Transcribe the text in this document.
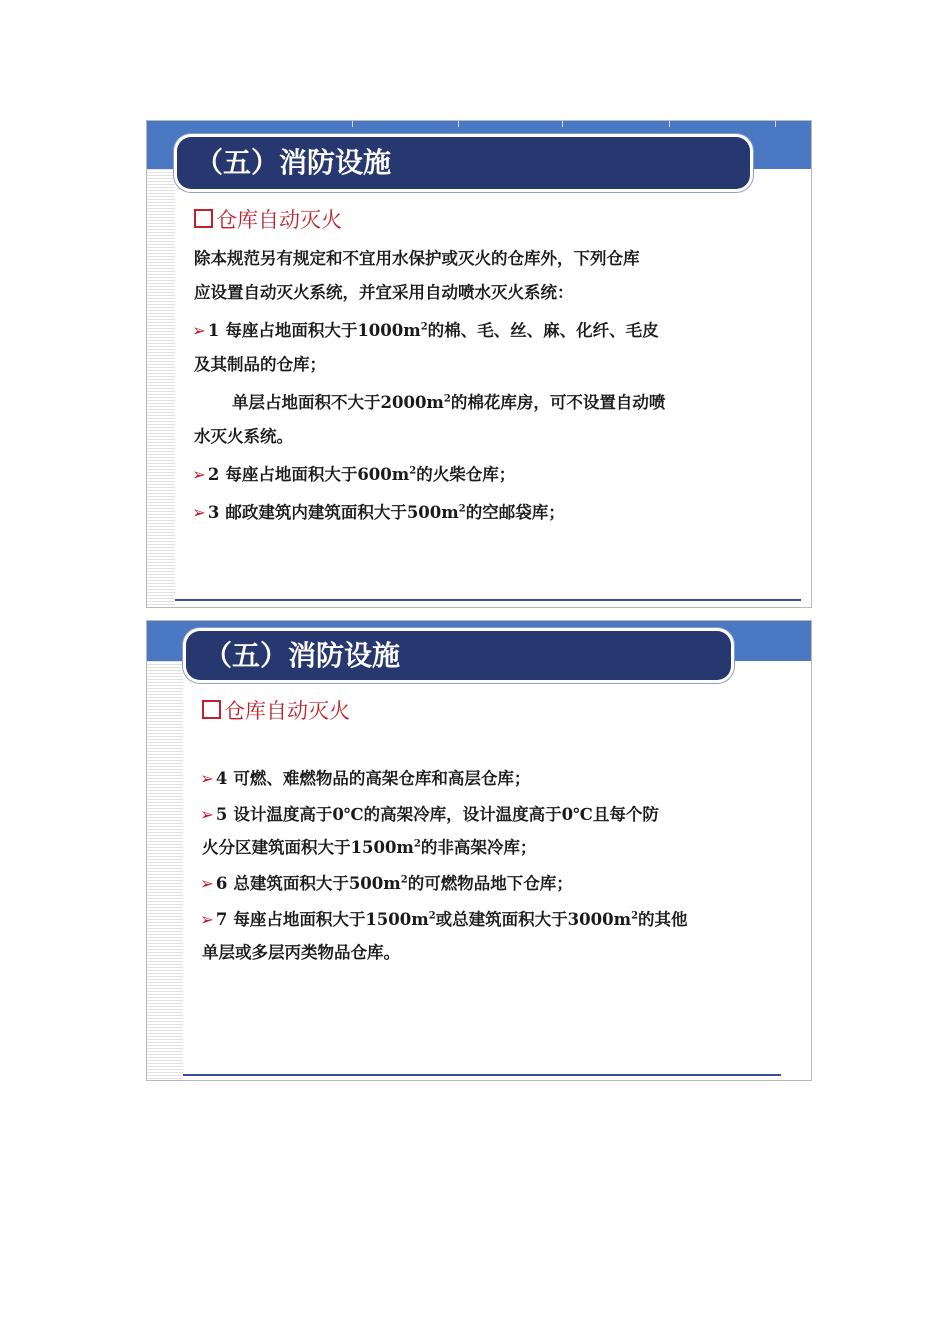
（五）消防设施
仓库自动灭火
除本规范另有规定和不宜用水保护或灭火的仓库外，下列仓库
应设置自动灭火系统，并宜采用自动喷水灭火系统：
➢ 1 每座占地面积大于$1000m^2$的棉、毛、丝、麻、化纤、毛皮
及其制品的仓库；
单层占地面积不大于$2000m^2$的棉花库房，可不设置自动喷
水灭火系统。
➢ 2 每座占地面积大于$600m^2$的火柴仓库；
➢ 3 邮政建筑内建筑面积大于$500m^2$的空邮袋库；
（五）消防设施
仓库自动灭火
➢ 4 可燃、难燃物品的高架仓库和高层仓库；
➢ 5 设计温度高于0℃的高架冷库，设计温度高于0℃且每个防
火分区建筑面积大于$1500m^2$的非高架冷库；
➢ 6 总建筑面积大于$500m^2$的可燃物品地下仓库；
➢ 7 每座占地面积大于$1500m^2$或总建筑面积大于$3000m^2$的其他
单层或多层丙类物品仓库。
